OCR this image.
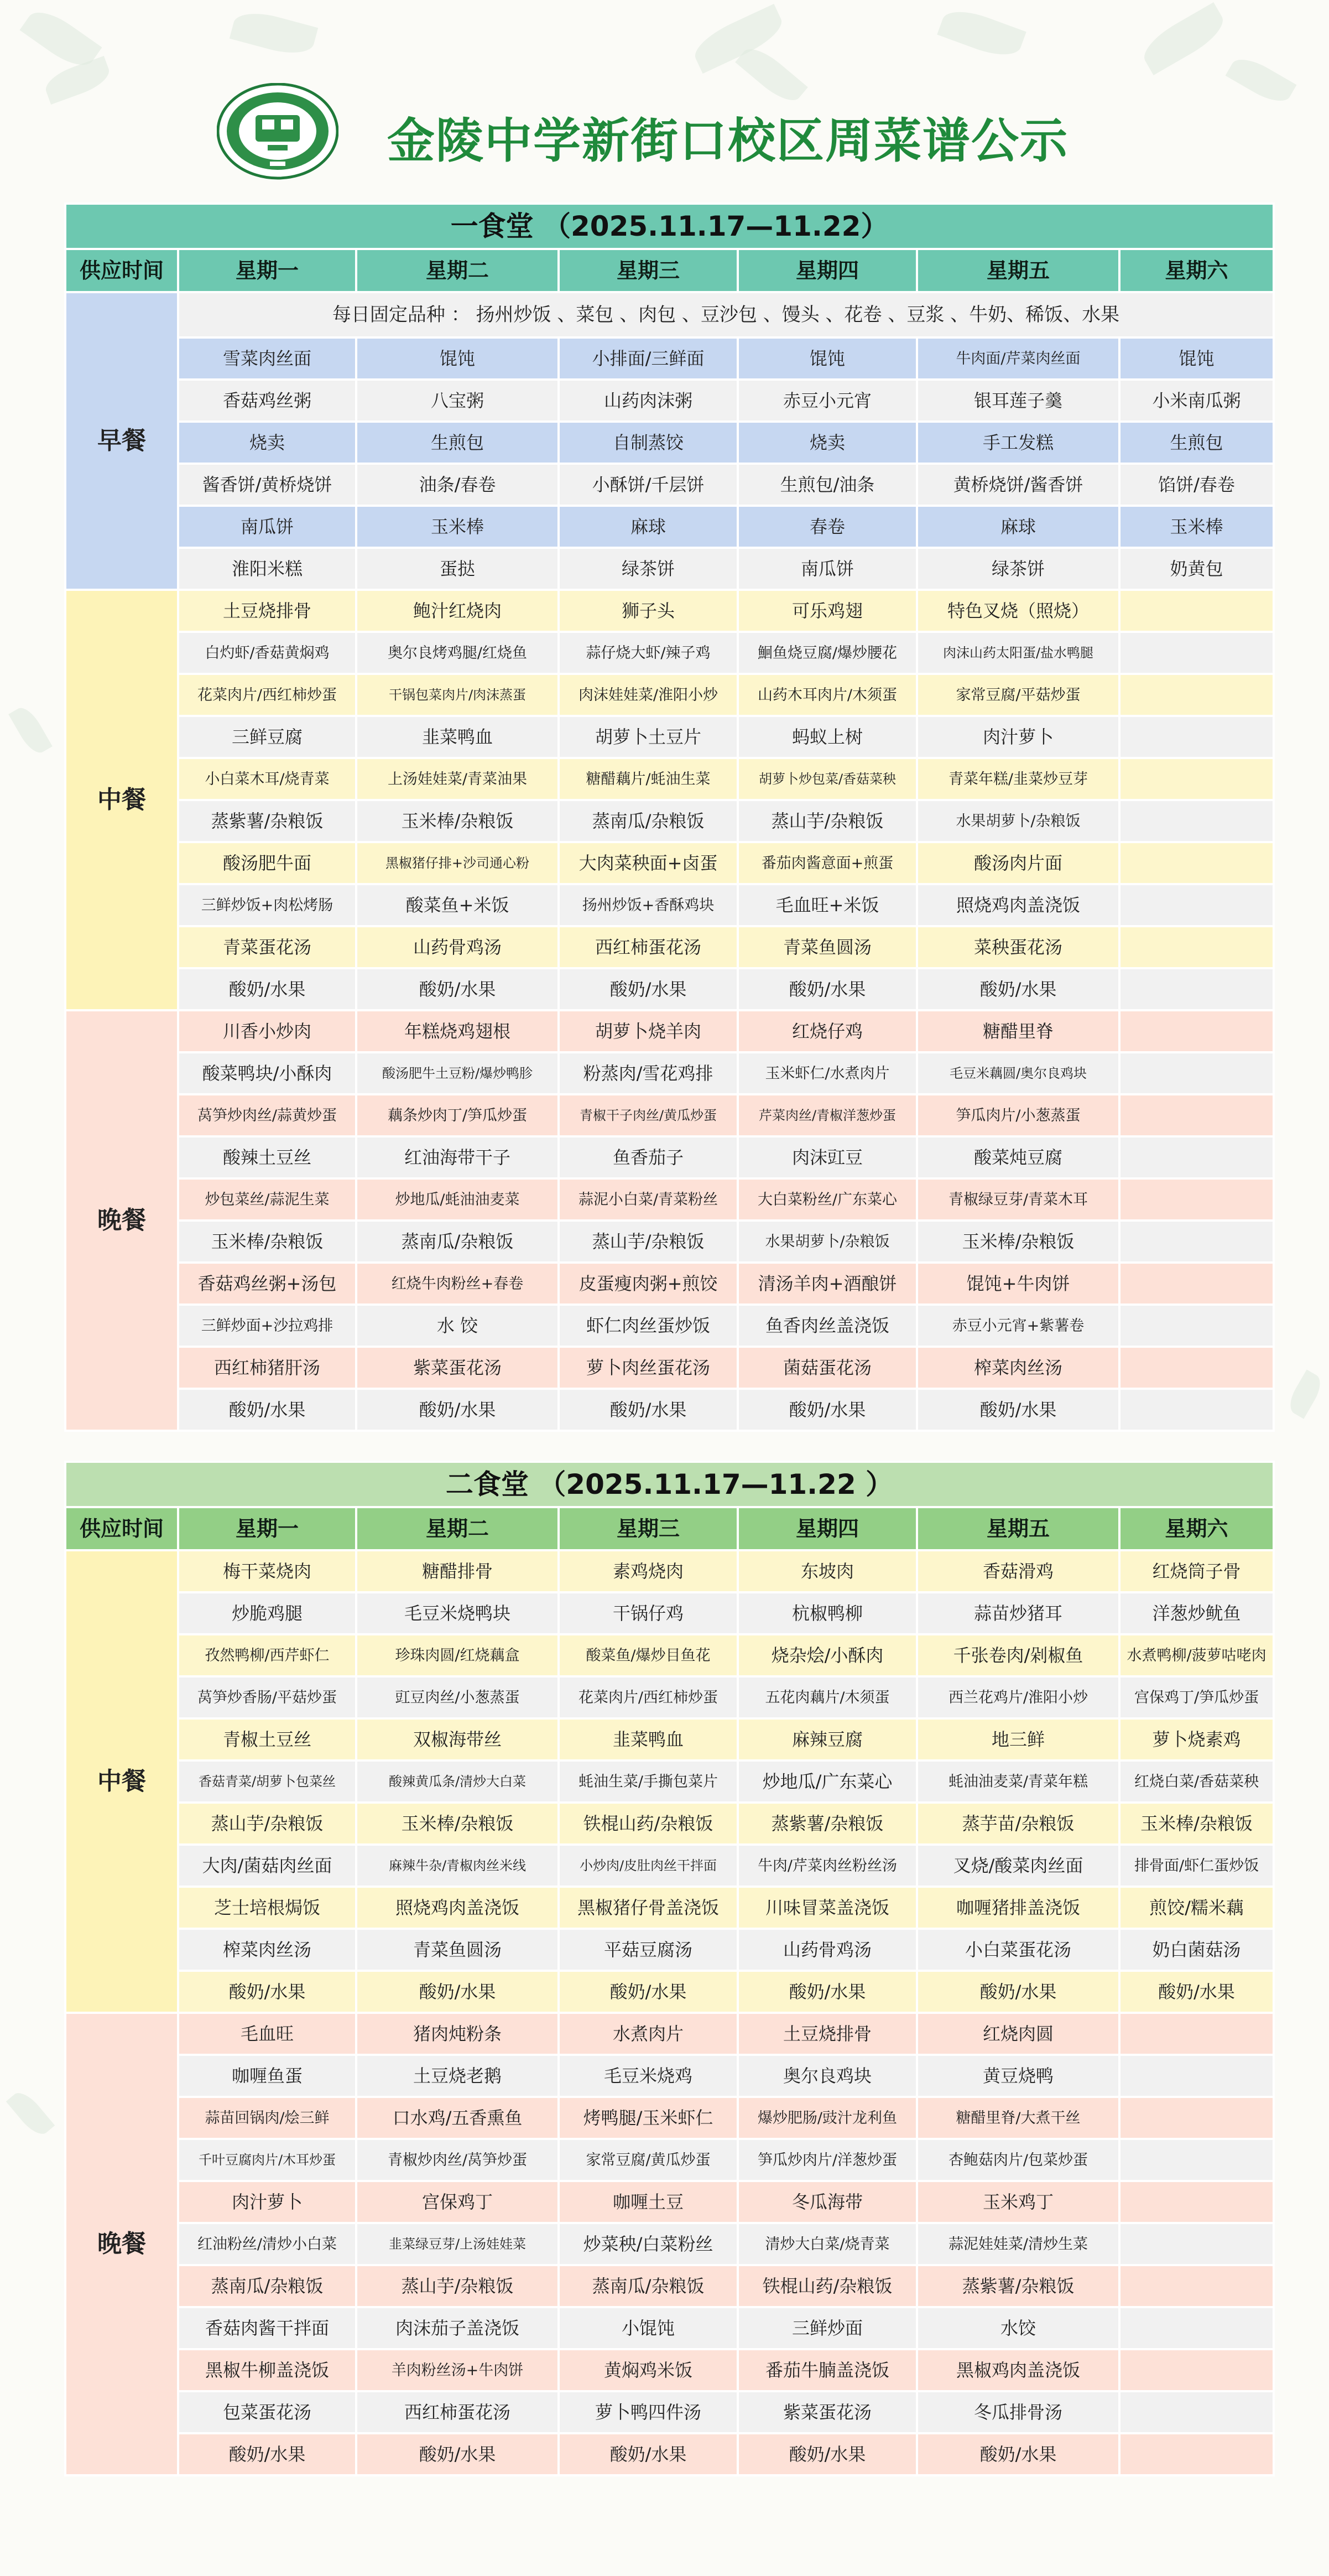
金陵中学新街口校区周菜谱公示
一食堂 （2025.11.17—11.22）						
供应时间	星期一	星期二	星期三	星期四	星期五	星期六
早餐	每日固定品种 ： 扬州炒饭 、菜包 、肉包 、豆沙包 、馒头 、花卷 、豆浆 、牛奶、稀饭、水果					
	雪菜肉丝面	馄饨	小排面/三鲜面	馄饨	牛肉面/芹菜肉丝面	馄饨
	香菇鸡丝粥	八宝粥	山药肉沫粥	赤豆小元宵	银耳莲子羹	小米南瓜粥
	烧卖	生煎包	自制蒸饺	烧卖	手工发糕	生煎包
	酱香饼/黄桥烧饼	油条/春卷	小酥饼/千层饼	生煎包/油条	黄桥烧饼/酱香饼	馅饼/春卷
	南瓜饼	玉米棒	麻球	春卷	麻球	玉米棒
	淮阳米糕	蛋挞	绿茶饼	南瓜饼	绿茶饼	奶黄包
中餐	土豆烧排骨	鲍汁红烧肉	狮子头	可乐鸡翅	特色叉烧（照烧）	
	白灼虾/香菇黄焖鸡	奥尔良烤鸡腿/红烧鱼	蒜仔烧大虾/辣子鸡	鮰鱼烧豆腐/爆炒腰花	肉沫山药太阳蛋/盐水鸭腿	
	花菜肉片/西红柿炒蛋	干锅包菜肉片/肉沫蒸蛋	肉沫娃娃菜/淮阳小炒	山药木耳肉片/木须蛋	家常豆腐/平菇炒蛋	
	三鲜豆腐	韭菜鸭血	胡萝卜土豆片	蚂蚁上树	肉汁萝卜	
	小白菜木耳/烧青菜	上汤娃娃菜/青菜油果	糖醋藕片/蚝油生菜	胡萝卜炒包菜/香菇菜秧	青菜年糕/韭菜炒豆芽	
	蒸紫薯/杂粮饭	玉米棒/杂粮饭	蒸南瓜/杂粮饭	蒸山芋/杂粮饭	水果胡萝卜/杂粮饭	
	酸汤肥牛面	黑椒猪仔排+沙司通心粉	大肉菜秧面+卤蛋	番茄肉酱意面+煎蛋	酸汤肉片面	
	三鲜炒饭+肉松烤肠	酸菜鱼+米饭	扬州炒饭+香酥鸡块	毛血旺+米饭	照烧鸡肉盖浇饭	
	青菜蛋花汤	山药骨鸡汤	西红柿蛋花汤	青菜鱼圆汤	菜秧蛋花汤	
	酸奶/水果	酸奶/水果	酸奶/水果	酸奶/水果	酸奶/水果	
晚餐	川香小炒肉	年糕烧鸡翅根	胡萝卜烧羊肉	红烧仔鸡	糖醋里脊	
	酸菜鸭块/小酥肉	酸汤肥牛土豆粉/爆炒鸭胗	粉蒸肉/雪花鸡排	玉米虾仁/水煮肉片	毛豆米藕圆/奥尔良鸡块	
	莴笋炒肉丝/蒜黄炒蛋	藕条炒肉丁/笋瓜炒蛋	青椒干子肉丝/黄瓜炒蛋	芹菜肉丝/青椒洋葱炒蛋	笋瓜肉片/小葱蒸蛋	
	酸辣土豆丝	红油海带干子	鱼香茄子	肉沫豇豆	酸菜炖豆腐	
	炒包菜丝/蒜泥生菜	炒地瓜/蚝油油麦菜	蒜泥小白菜/青菜粉丝	大白菜粉丝/广东菜心	青椒绿豆芽/青菜木耳	
	玉米棒/杂粮饭	蒸南瓜/杂粮饭	蒸山芋/杂粮饭	水果胡萝卜/杂粮饭	玉米棒/杂粮饭	
	香菇鸡丝粥+汤包	红烧牛肉粉丝+春卷	皮蛋瘦肉粥+煎饺	清汤羊肉+酒酿饼	馄饨+牛肉饼	
	三鲜炒面+沙拉鸡排	水 饺	虾仁肉丝蛋炒饭	鱼香肉丝盖浇饭	赤豆小元宵+紫薯卷	
	西红柿猪肝汤	紫菜蛋花汤	萝卜肉丝蛋花汤	菌菇蛋花汤	榨菜肉丝汤	
	酸奶/水果	酸奶/水果	酸奶/水果	酸奶/水果	酸奶/水果	
二食堂 （2025.11.17—11.22 ）						
供应时间	星期一	星期二	星期三	星期四	星期五	星期六
中餐	梅干菜烧肉	糖醋排骨	素鸡烧肉	东坡肉	香菇滑鸡	红烧筒子骨
	炒脆鸡腿	毛豆米烧鸭块	干锅仔鸡	杭椒鸭柳	蒜苗炒猪耳	洋葱炒鱿鱼
	孜然鸭柳/西芹虾仁	珍珠肉圆/红烧藕盒	酸菜鱼/爆炒目鱼花	烧杂烩/小酥肉	千张卷肉/剁椒鱼	水煮鸭柳/菠萝咕咾肉
	莴笋炒香肠/平菇炒蛋	豇豆肉丝/小葱蒸蛋	花菜肉片/西红柿炒蛋	五花肉藕片/木须蛋	西兰花鸡片/淮阳小炒	宫保鸡丁/笋瓜炒蛋
	青椒土豆丝	双椒海带丝	韭菜鸭血	麻辣豆腐	地三鲜	萝卜烧素鸡
	香菇青菜/胡萝卜包菜丝	酸辣黄瓜条/清炒大白菜	蚝油生菜/手撕包菜片	炒地瓜/广东菜心	蚝油油麦菜/青菜年糕	红烧白菜/香菇菜秧
	蒸山芋/杂粮饭	玉米棒/杂粮饭	铁棍山药/杂粮饭	蒸紫薯/杂粮饭	蒸芋苗/杂粮饭	玉米棒/杂粮饭
	大肉/菌菇肉丝面	麻辣牛杂/青椒肉丝米线	小炒肉/皮肚肉丝干拌面	牛肉/芹菜肉丝粉丝汤	叉烧/酸菜肉丝面	排骨面/虾仁蛋炒饭
	芝士培根焗饭	照烧鸡肉盖浇饭	黑椒猪仔骨盖浇饭	川味冒菜盖浇饭	咖喱猪排盖浇饭	煎饺/糯米藕
	榨菜肉丝汤	青菜鱼圆汤	平菇豆腐汤	山药骨鸡汤	小白菜蛋花汤	奶白菌菇汤
	酸奶/水果	酸奶/水果	酸奶/水果	酸奶/水果	酸奶/水果	酸奶/水果
晚餐	毛血旺	猪肉炖粉条	水煮肉片	土豆烧排骨	红烧肉圆	
	咖喱鱼蛋	土豆烧老鹅	毛豆米烧鸡	奥尔良鸡块	黄豆烧鸭	
	蒜苗回锅肉/烩三鲜	口水鸡/五香熏鱼	烤鸭腿/玉米虾仁	爆炒肥肠/豉汁龙利鱼	糖醋里脊/大煮干丝	
	千叶豆腐肉片/木耳炒蛋	青椒炒肉丝/莴笋炒蛋	家常豆腐/黄瓜炒蛋	笋瓜炒肉片/洋葱炒蛋	杏鲍菇肉片/包菜炒蛋	
	肉汁萝卜	宫保鸡丁	咖喱土豆	冬瓜海带	玉米鸡丁	
	红油粉丝/清炒小白菜	韭菜绿豆芽/上汤娃娃菜	炒菜秧/白菜粉丝	清炒大白菜/烧青菜	蒜泥娃娃菜/清炒生菜	
	蒸南瓜/杂粮饭	蒸山芋/杂粮饭	蒸南瓜/杂粮饭	铁棍山药/杂粮饭	蒸紫薯/杂粮饭	
	香菇肉酱干拌面	肉沫茄子盖浇饭	小馄饨	三鲜炒面	水饺	
	黑椒牛柳盖浇饭	羊肉粉丝汤+牛肉饼	黄焖鸡米饭	番茄牛腩盖浇饭	黑椒鸡肉盖浇饭	
	包菜蛋花汤	西红柿蛋花汤	萝卜鸭四件汤	紫菜蛋花汤	冬瓜排骨汤	
	酸奶/水果	酸奶/水果	酸奶/水果	酸奶/水果	酸奶/水果	
